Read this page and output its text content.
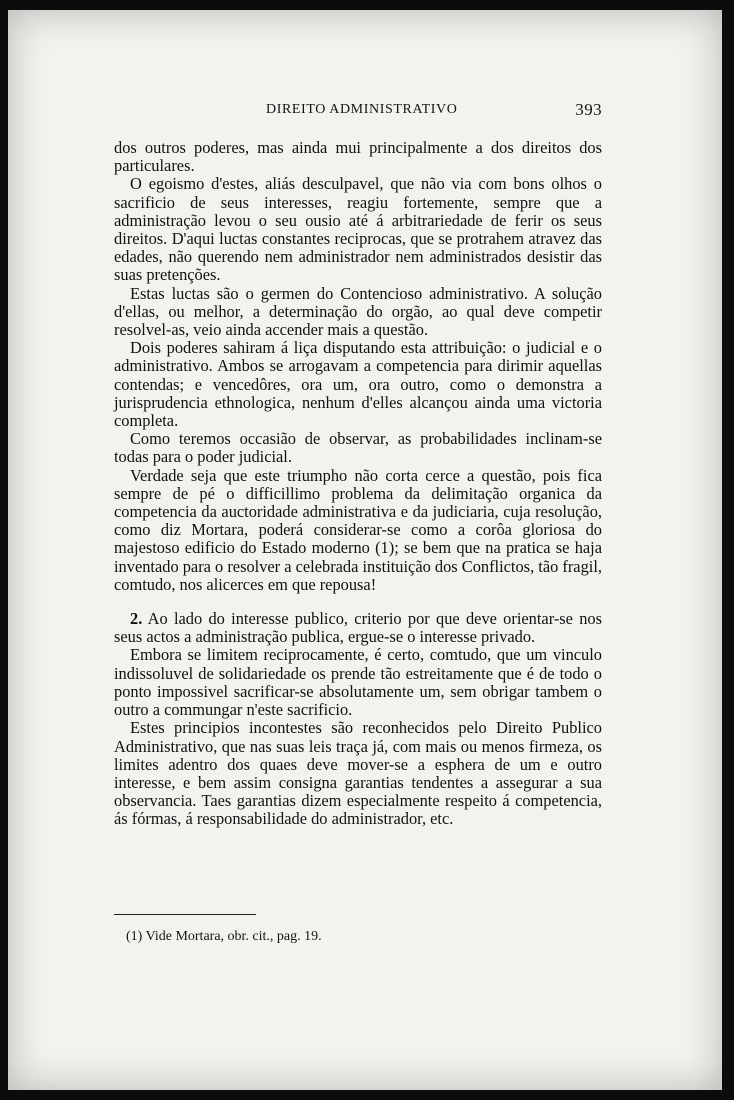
DIREITO ADMINISTRATIVO	393

dos outros poderes, mas ainda mui principalmente a dos direitos dos particulares.

O egoismo d'estes, aliás desculpavel, que não via com bons olhos o sacrificio de seus interesses, reagiu fortemente, sempre que a administração levou o seu ousio até á arbitrariedade de ferir os seus direitos. D'aqui luctas constantes reciprocas, que se protrahem atravez das edades, não querendo nem administrador nem administrados desistir das suas pretenções.

Estas luctas são o germen do Contencioso administrativo. A solução d'ellas, ou melhor, a determinação do orgão, ao qual deve competir resolvel-as, veio ainda accender mais a questão.

Dois poderes sahiram á liça disputando esta attribuição: o judicial e o administrativo. Ambos se arrogavam a competencia para dirimir aquellas contendas; e vencedôres, ora um, ora outro, como o demonstra a jurisprudencia ethnologica, nenhum d'elles alcançou ainda uma victoria completa.

Como teremos occasião de observar, as probabilidades inclinam-se todas para o poder judicial.

Verdade seja que este triumpho não corta cerce a questão, pois fica sempre de pé o difficillimo problema da delimitação organica da competencia da auctoridade administrativa e da judiciaria, cuja resolução, como diz Mortara, poderá considerar-se como a corôa gloriosa do majestoso edificio do Estado moderno (1); se bem que na pratica se haja inventado para o resolver a celebrada instituição dos Conflictos, tão fragil, comtudo, nos alicerces em que repousa!

2. Ao lado do interesse publico, criterio por que deve orientar-se nos seus actos a administração publica, ergue-se o interesse privado.

Embora se limitem reciprocamente, é certo, comtudo, que um vinculo indissoluvel de solidariedade os prende tão estreitamente que é de todo o ponto impossivel sacrificar-se absolutamente um, sem obrigar tambem o outro a commungar n'este sacrificio.

Estes principios incontestes são reconhecidos pelo Direito Publico Administrativo, que nas suas leis traça já, com mais ou menos firmeza, os limites adentro dos quaes deve mover-se a esphera de um e outro interesse, e bem assim consigna garantias tendentes a assegurar a sua observancia. Taes garantias dizem especialmente respeito á competencia, ás fórmas, á responsabilidade do administrador, etc.

(1) Vide Mortara, obr. cit., pag. 19.
